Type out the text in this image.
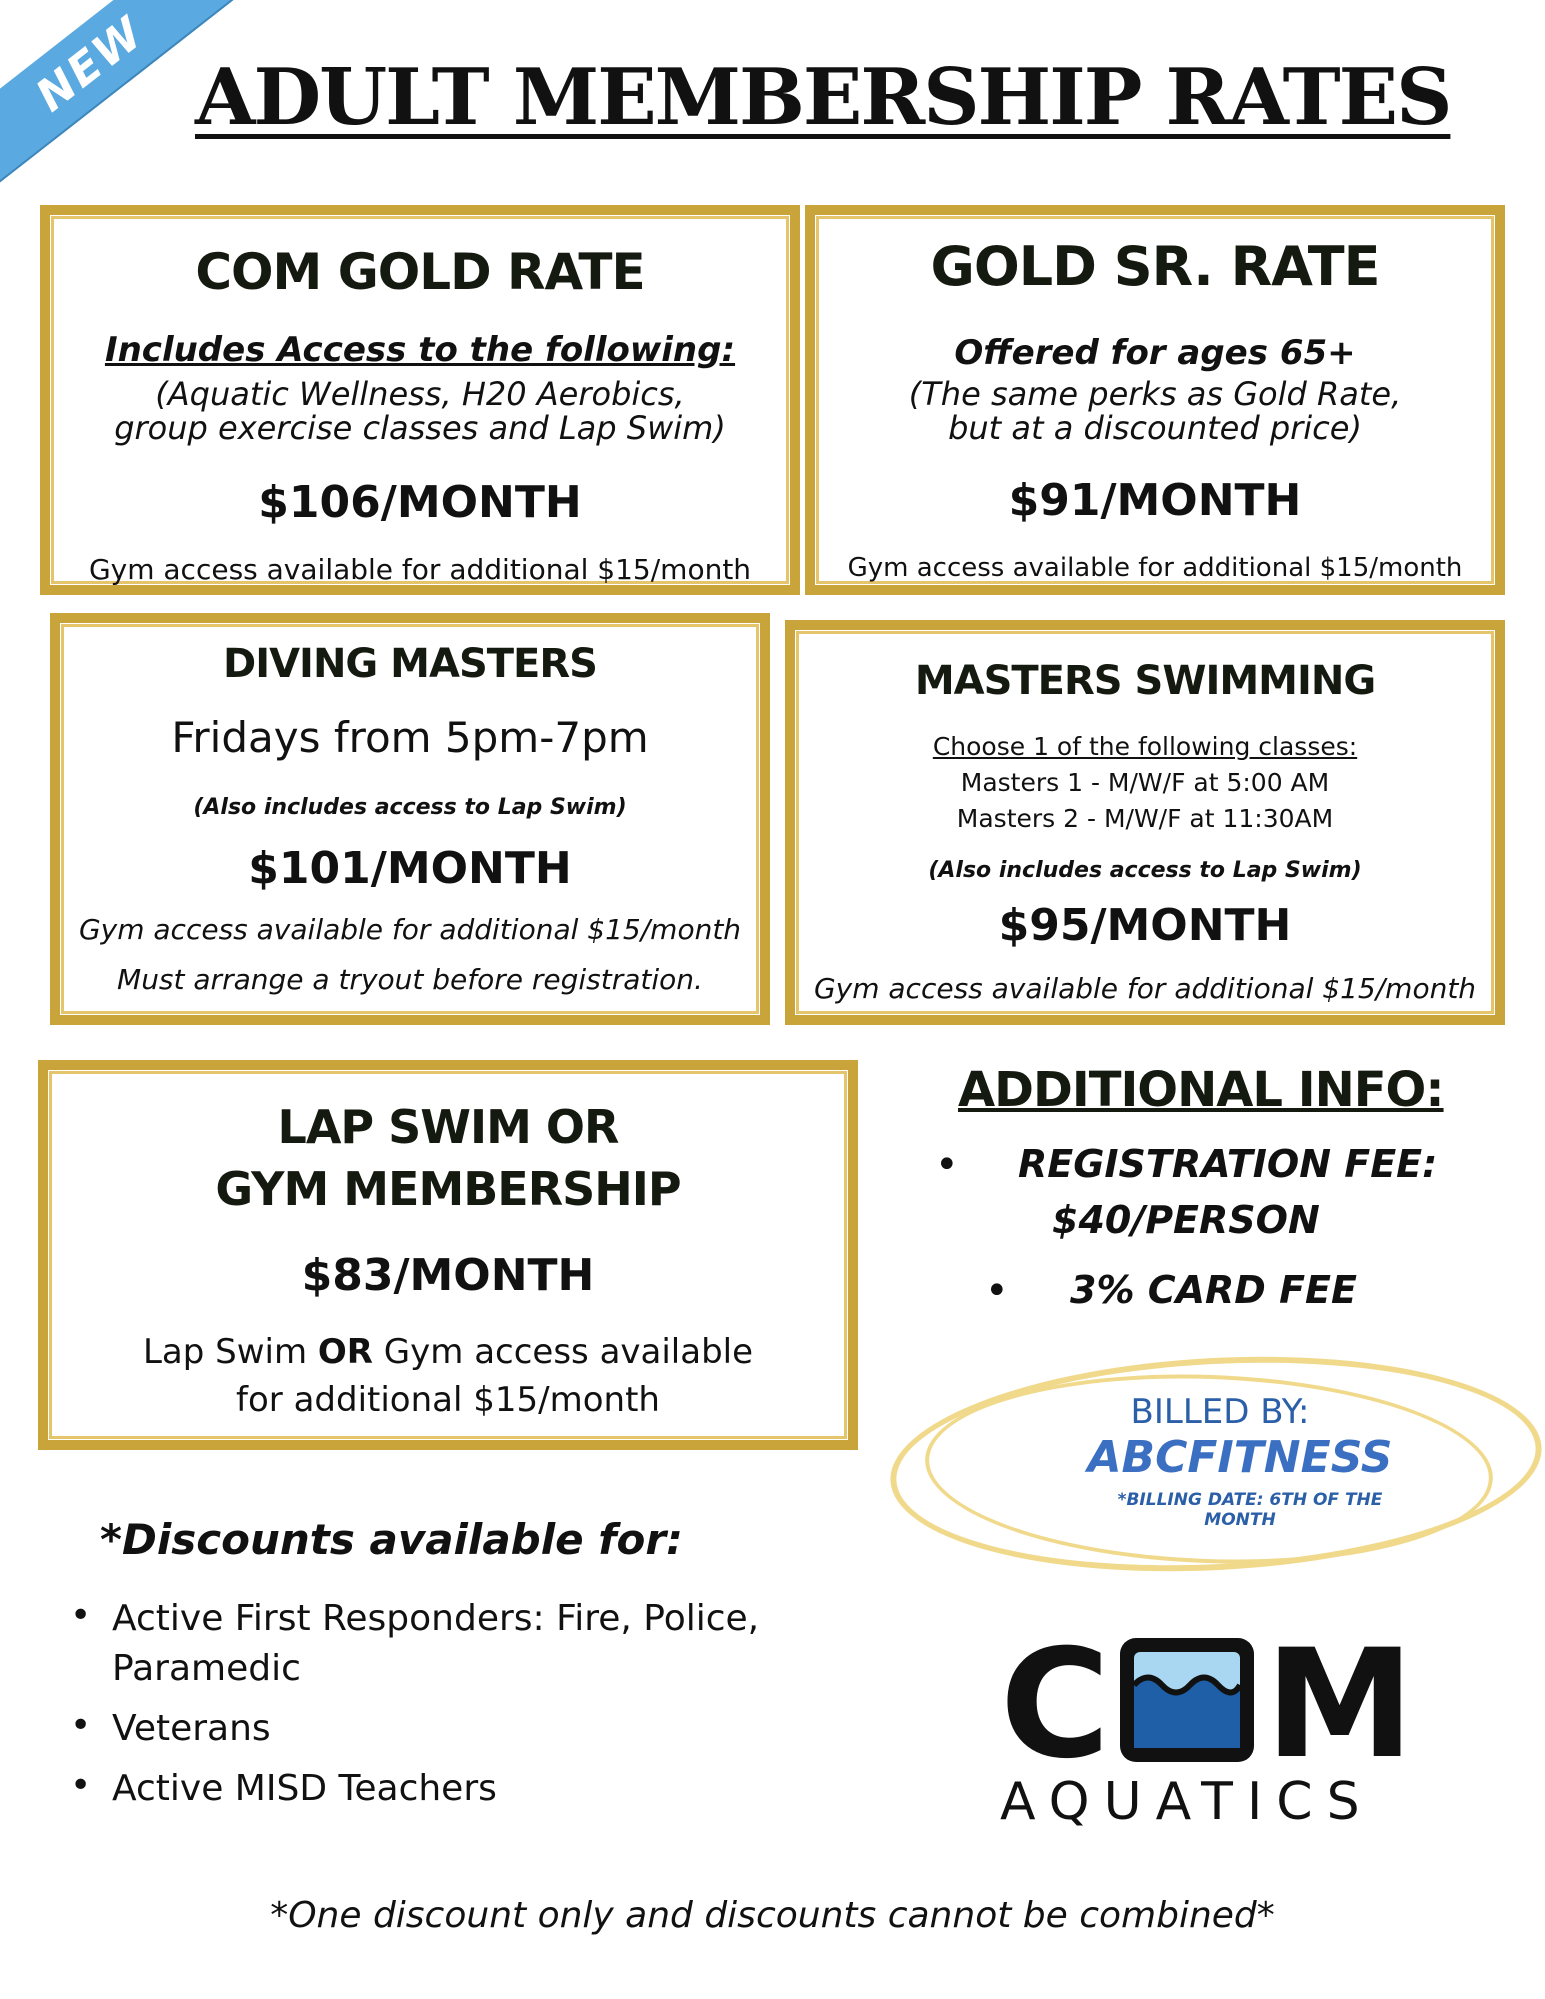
NEW ADULT MEMBERSHIP RATES
COM GOLD RATE
Includes Access to the following:
(Aquatic Wellness, H20 Aerobics,
group exercise classes and Lap Swim)
$106/MONTH
Gym access available for additional $15/month
GOLD SR. RATE
Offered for ages 65+
(The same perks as Gold Rate,
but at a discounted price)
$91/MONTH
Gym access available for additional $15/month
DIVING MASTERS
Fridays from 5pm-7pm
(Also includes access to Lap Swim)
$101/MONTH
Gym access available for additional $15/month
Must arrange a tryout before registration.
MASTERS SWIMMING
Choose 1 of the following classes:
Masters 1 - M/W/F at 5:00 AM
Masters 2 - M/W/F at 11:30AM
(Also includes access to Lap Swim)
$95/MONTH
Gym access available for additional $15/month
LAP SWIM OR
GYM MEMBERSHIP
$83/MONTH
Lap Swim OR Gym access available
for additional $15/month
ADDITIONAL INFO:
• REGISTRATION FEE:
$40/PERSON
• 3% CARD FEE
BILLED BY:
ABCFITNESS
*BILLING DATE: 6TH OF THE
MONTH
*Discounts available for:
• Active First Responders: Fire, Police,
Paramedic
• Veterans
• Active MISD Teachers
*One discount only and discounts cannot be combined*
C M
AQUATICS
